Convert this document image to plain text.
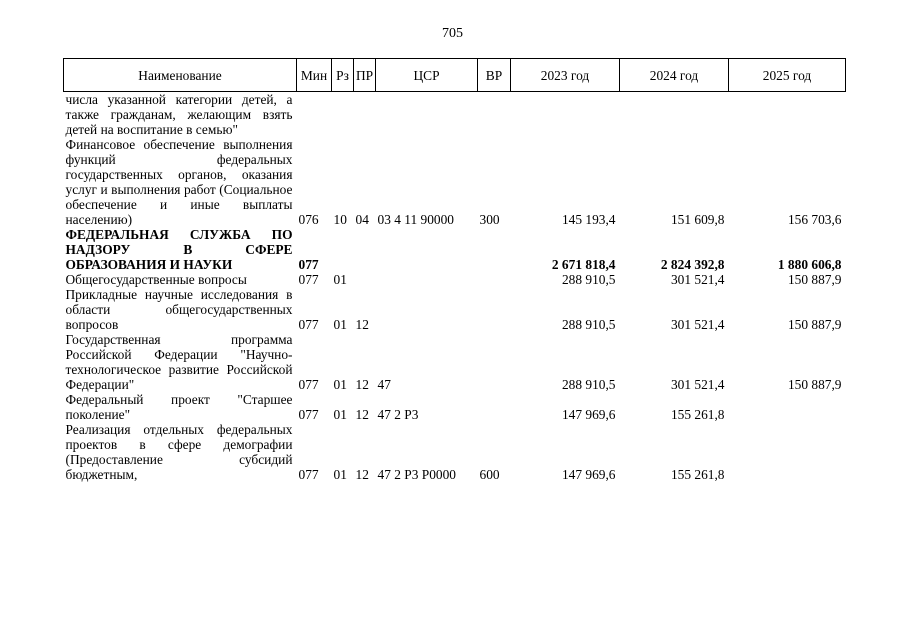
705
Наименование	Мин	Рз	ПР	ЦСР	ВР	2023 год	2024 год	2025 год
числа указанной категории детей, а также гражданам, желающим взять детей на воспитание в семью"								
Финансовое обеспечение выполнения функций федеральных государственных органов, оказания услуг и выполнения работ (Социальное обеспечение и иные выплаты населению)	076	10	04	03 4 11 90000	300	145 193,4	151 609,8	156 703,6
ФЕДЕРАЛЬНАЯ СЛУЖБА ПО НАДЗОРУ В СФЕРЕ ОБРАЗОВАНИЯ И НАУКИ	077					2 671 818,4	2 824 392,8	1 880 606,8
Общегосударственные вопросы	077	01				288 910,5	301 521,4	150 887,9
Прикладные научные исследования в области общегосударственных вопросов	077	01	12			288 910,5	301 521,4	150 887,9
Государственная программа Российской Федерации "Научно-технологическое развитие Российской Федерации"	077	01	12	47		288 910,5	301 521,4	150 887,9
Федеральный проект "Старшее поколение"	077	01	12	47 2 P3		147 969,6	155 261,8	
Реализация отдельных федеральных проектов в сфере демографии (Предоставление субсидий бюджетным,	077	01	12	47 2 P3 P0000	600	147 969,6	155 261,8	
